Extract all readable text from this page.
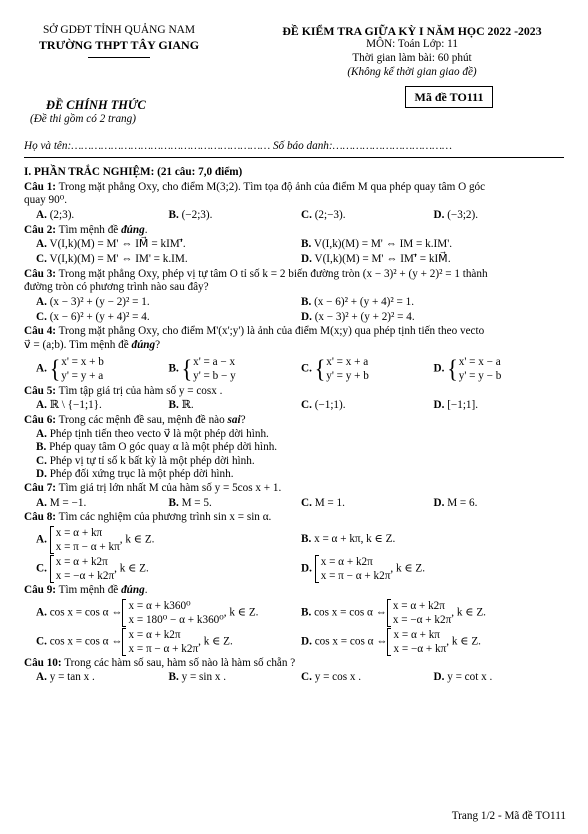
SỞ GDĐT TỈNH QUẢNG NAM
TRƯỜNG THPT TÂY GIANG
ĐỀ KIỂM TRA GIỮA KỲ I NĂM HỌC 2022 -2023
MÔN: Toán Lớp: 11
Thời gian làm bài: 60 phút
(Không kể thời gian giao đề)
Mã đề TO111
ĐỀ CHÍNH THỨC
(Đề thi gồm có 2 trang)
Họ và tên:…………………………………………………… Số báo danh:………………………………
I. PHẦN TRẮC NGHIỆM: (21 câu: 7,0 điểm)
Câu 1: Trong mặt phẳng Oxy, cho điểm M(3;2). Tìm tọa độ ảnh của điểm M qua phép quay tâm O góc
quay 90⁰.
A. (2;3).	B. (−2;3).	C. (2;−3).	D. (−3;2).
Câu 2: Tìm mệnh đề đúng.
A. V(I,k)(M) = M' ⇔ IM⃗ = kIM'⃗.	B. V(I,k)(M) = M' ⇔ IM = k.IM'.
C. V(I,k)(M) = M' ⇔ IM' = k.IM.	D. V(I,k)(M) = M' ⇔ IM'⃗ = kIM⃗.
Câu 3: Trong mặt phẳng Oxy, phép vị tự tâm O tỉ số k = 2 biến đường tròn (x − 3)² + (y + 2)² = 1 thành
đường tròn có phương trình nào sau đây?
A. (x − 3)² + (y − 2)² = 1.	B. (x − 6)² + (y + 4)² = 1.
C. (x − 6)² + (y + 4)² = 4.	D. (x − 3)² + (y + 2)² = 4.
Câu 4: Trong mặt phẳng Oxy, cho điểm M'(x';y') là ảnh của điểm M(x;y) qua phép tịnh tiến theo vecto
v⃗ = (a;b). Tìm mệnh đề đúng?
A. { x' = x + b
y' = y + a
B. { x' = a − x
y' = b − y
C. { x' = x + a
y' = y + b
D. { x' = x − a
y' = y − b
Câu 5: Tìm tập giá trị của hàm số y = cosx .
A. ℝ \ {−1;1}.	B. ℝ.	C. (−1;1).	D. [−1;1].
Câu 6: Trong các mệnh đề sau, mệnh đề nào sai?
A. Phép tịnh tiến theo vecto v⃗ là một phép dời hình.
B. Phép quay tâm O góc quay α là một phép dời hình.
C. Phép vị tự tỉ số k bất kỳ là một phép dời hình.
D. Phép đối xứng trục là một phép dời hình.
Câu 7: Tìm giá trị lớn nhất M của hàm số y = 5cos x + 1.
A. M = −1.	B. M = 5.	C. M = 1.	D. M = 6.
Câu 8: Tìm các nghiệm của phương trình sin x = sin α.
A.
x = α + kπ
x = π − α + kπ
, k ∈ Z.	B. x = α + kπ, k ∈ Z.
C.
x = α + k2π
x = −α + k2π
, k ∈ Z.	D.
x = α + k2π
x = π − α + k2π
, k ∈ Z.
Câu 9: Tìm mệnh đề đúng.
A. cos x = cos α ⇔
x = α + k360⁰
x = 180⁰ − α + k360⁰
, k ∈ Z.	B. cos x = cos α ⇔
x = α + k2π
x = −α + k2π
, k ∈ Z.
C. cos x = cos α ⇔
x = α + k2π
x = π − α + k2π
, k ∈ Z.	D. cos x = cos α ⇔
x = α + kπ
x = −α + kπ
, k ∈ Z.
Câu 10: Trong các hàm số sau, hàm số nào là hàm số chẵn ?
A. y = tan x .	B. y = sin x .	C. y = cos x .	D. y = cot x .
Trang 1/2 - Mã đề TO111
